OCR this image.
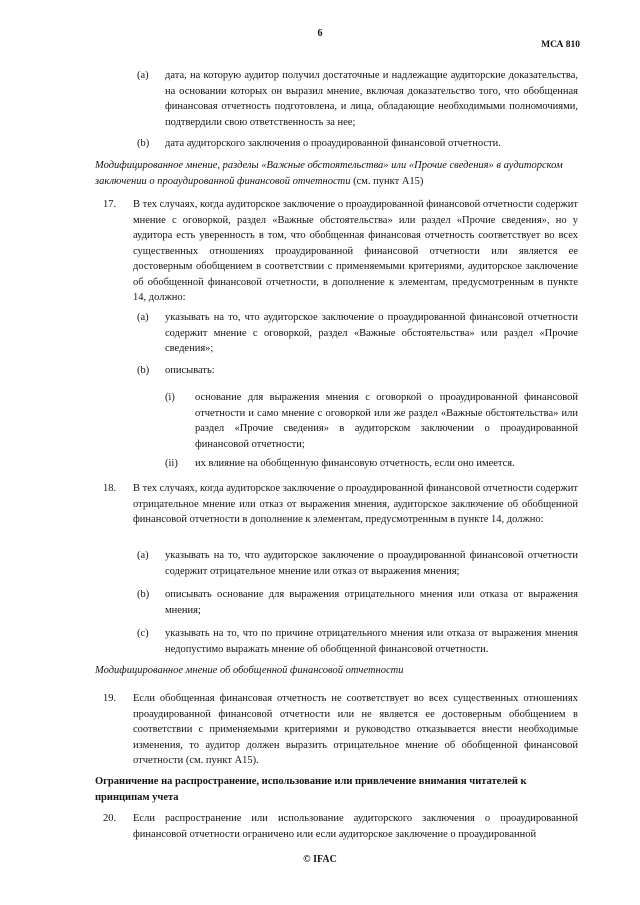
6
МСА 810
(a) дата, на которую аудитор получил достаточные и надлежащие аудиторские доказательства, на основании которых он выразил мнение, включая доказательство того, что обобщенная финансовая отчетность подготовлена, и лица, обладающие необходимыми полномочиями, подтвердили свою ответственность за нее;
(b) дата аудиторского заключения о проаудированной финансовой отчетности.
Модифицированное мнение, разделы «Важные обстоятельства» или «Прочие сведения» в аудиторском заключении о проаудированной финансовой отчетности (см. пункт А15)
17. В тех случаях, когда аудиторское заключение о проаудированной финансовой отчетности содержит мнение с оговоркой, раздел «Важные обстоятельства» или раздел «Прочие сведения», но у аудитора есть уверенность в том, что обобщенная финансовая отчетность соответствует во всех существенных отношениях проаудированной финансовой отчетности или является ее достоверным обобщением в соответствии с применяемыми критериями, аудиторское заключение об обобщенной финансовой отчетности, в дополнение к элементам, предусмотренным в пункте 14, должно:
(a) указывать на то, что аудиторское заключение о проаудированной финансовой отчетности содержит мнение с оговоркой, раздел «Важные обстоятельства» или раздел «Прочие сведения»;
(b) описывать:
(i) основание для выражения мнения с оговоркой о проаудированной финансовой отчетности и само мнение с оговоркой или же раздел «Важные обстоятельства» или раздел «Прочие сведения» в аудиторском заключении о проаудированной финансовой отчетности;
(ii) их влияние на обобщенную финансовую отчетность, если оно имеется.
18. В тех случаях, когда аудиторское заключение о проаудированной финансовой отчетности содержит отрицательное мнение или отказ от выражения мнения, аудиторское заключение об обобщенной финансовой отчетности в дополнение к элементам, предусмотренным в пункте 14, должно:
(a) указывать на то, что аудиторское заключение о проаудированной финансовой отчетности содержит отрицательное мнение или отказ от выражения мнения;
(b) описывать основание для выражения отрицательного мнения или отказа от выражения мнения;
(c) указывать на то, что по причине отрицательного мнения или отказа от выражения мнения недопустимо выражать мнение об обобщенной финансовой отчетности.
Модифицированное мнение об обобщенной финансовой отчетности
19. Если обобщенная финансовая отчетность не соответствует во всех существенных отношениях проаудированной финансовой отчетности или не является ее достоверным обобщением в соответствии с применяемыми критериями и руководство отказывается внести необходимые изменения, то аудитор должен выразить отрицательное мнение об обобщенной финансовой отчетности (см. пункт А15).
Ограничение на распространение, использование или привлечение внимания читателей к принципам учета
20. Если распространение или использование аудиторского заключения о проаудированной финансовой отчетности ограничено или если аудиторское заключение о проаудированной
© IFAC
